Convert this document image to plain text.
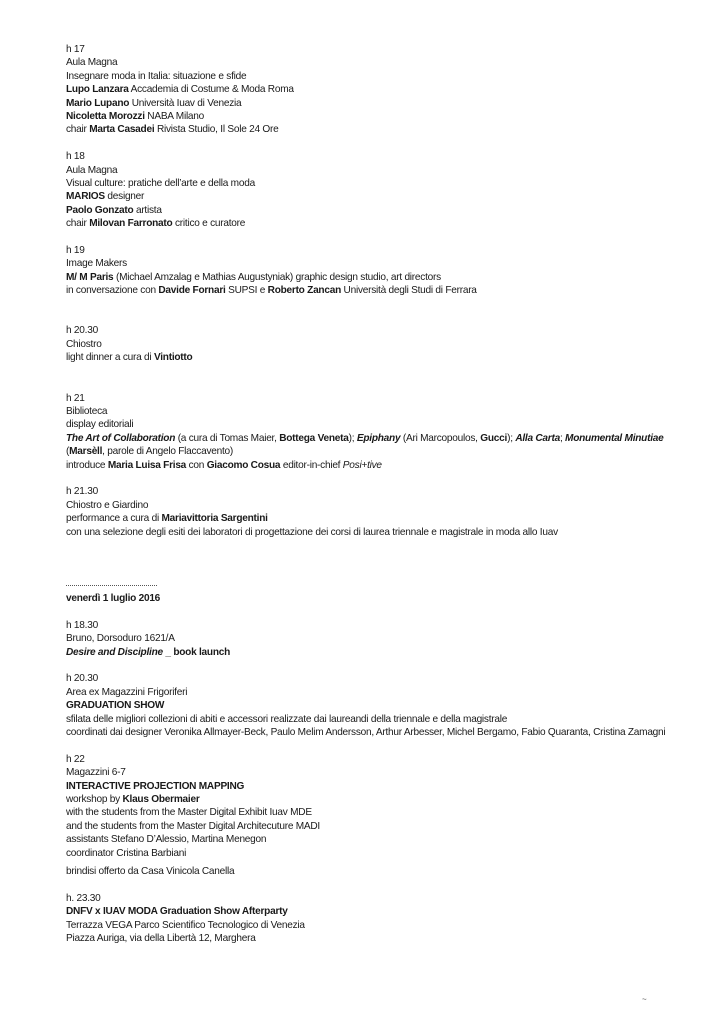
h 17
Aula Magna
Insegnare moda in Italia: situazione e sfide
Lupo Lanzara Accademia di Costume & Moda Roma
Mario Lupano Università Iuav di Venezia
Nicoletta Morozzi NABA Milano
chair Marta Casadei Rivista Studio, Il Sole 24 Ore
h 18
Aula Magna
Visual culture: pratiche dell’arte e della moda
MARIOS designer
Paolo Gonzato artista
chair Milovan Farronato critico e curatore
h 19
Image Makers
M/ M Paris (Michael Amzalag e Mathias Augustyniak) graphic design studio, art directors
in conversazione con Davide Fornari SUPSI e Roberto Zancan Università degli Studi di Ferrara
h 20.30
Chiostro
light dinner a cura di Vintiotto
h 21
Biblioteca
display editoriali
The Art of Collaboration (a cura di Tomas Maier, Bottega Veneta); Epiphany (Ari Marcopoulos, Gucci); Alla Carta; Monumental Minutiae
(Marsèll, parole di Angelo Flaccavento)
introduce Maria Luisa Frisa con Giacomo Cosua editor-in-chief Posi+tive
h 21.30
Chiostro e Giardino
performance a cura di Mariavittoria Sargentini
con una selezione degli esiti dei laboratori di progettazione dei corsi di laurea triennale e magistrale in moda allo Iuav
venerdì 1 luglio 2016
h 18.30
Bruno, Dorsoduro 1621/A
Desire and Discipline _ book launch
h 20.30
Area ex Magazzini Frigoriferi
GRADUATION SHOW
sfilata delle migliori collezioni di abiti e accessori realizzate dai laureandi della triennale e della magistrale
coordinati dai designer Veronika Allmayer-Beck, Paulo Melim Andersson, Arthur Arbesser, Michel Bergamo, Fabio Quaranta, Cristina Zamagni
h 22
Magazzini 6-7
INTERACTIVE PROJECTION MAPPING
workshop by Klaus Obermaier
with the students from the Master Digital Exhibit Iuav MDE
and the students from the Master Digital Architecuture MADI
assistants Stefano D’Alessio, Martina Menegon
coordinator Cristina Barbiani
brindisi offerto da Casa Vinicola Canella
h. 23.30
DNFV x IUAV MODA Graduation Show Afterparty
Terrazza VEGA Parco Scientifico Tecnologico di Venezia
Piazza Auriga, via della Libertà 12, Marghera
~
